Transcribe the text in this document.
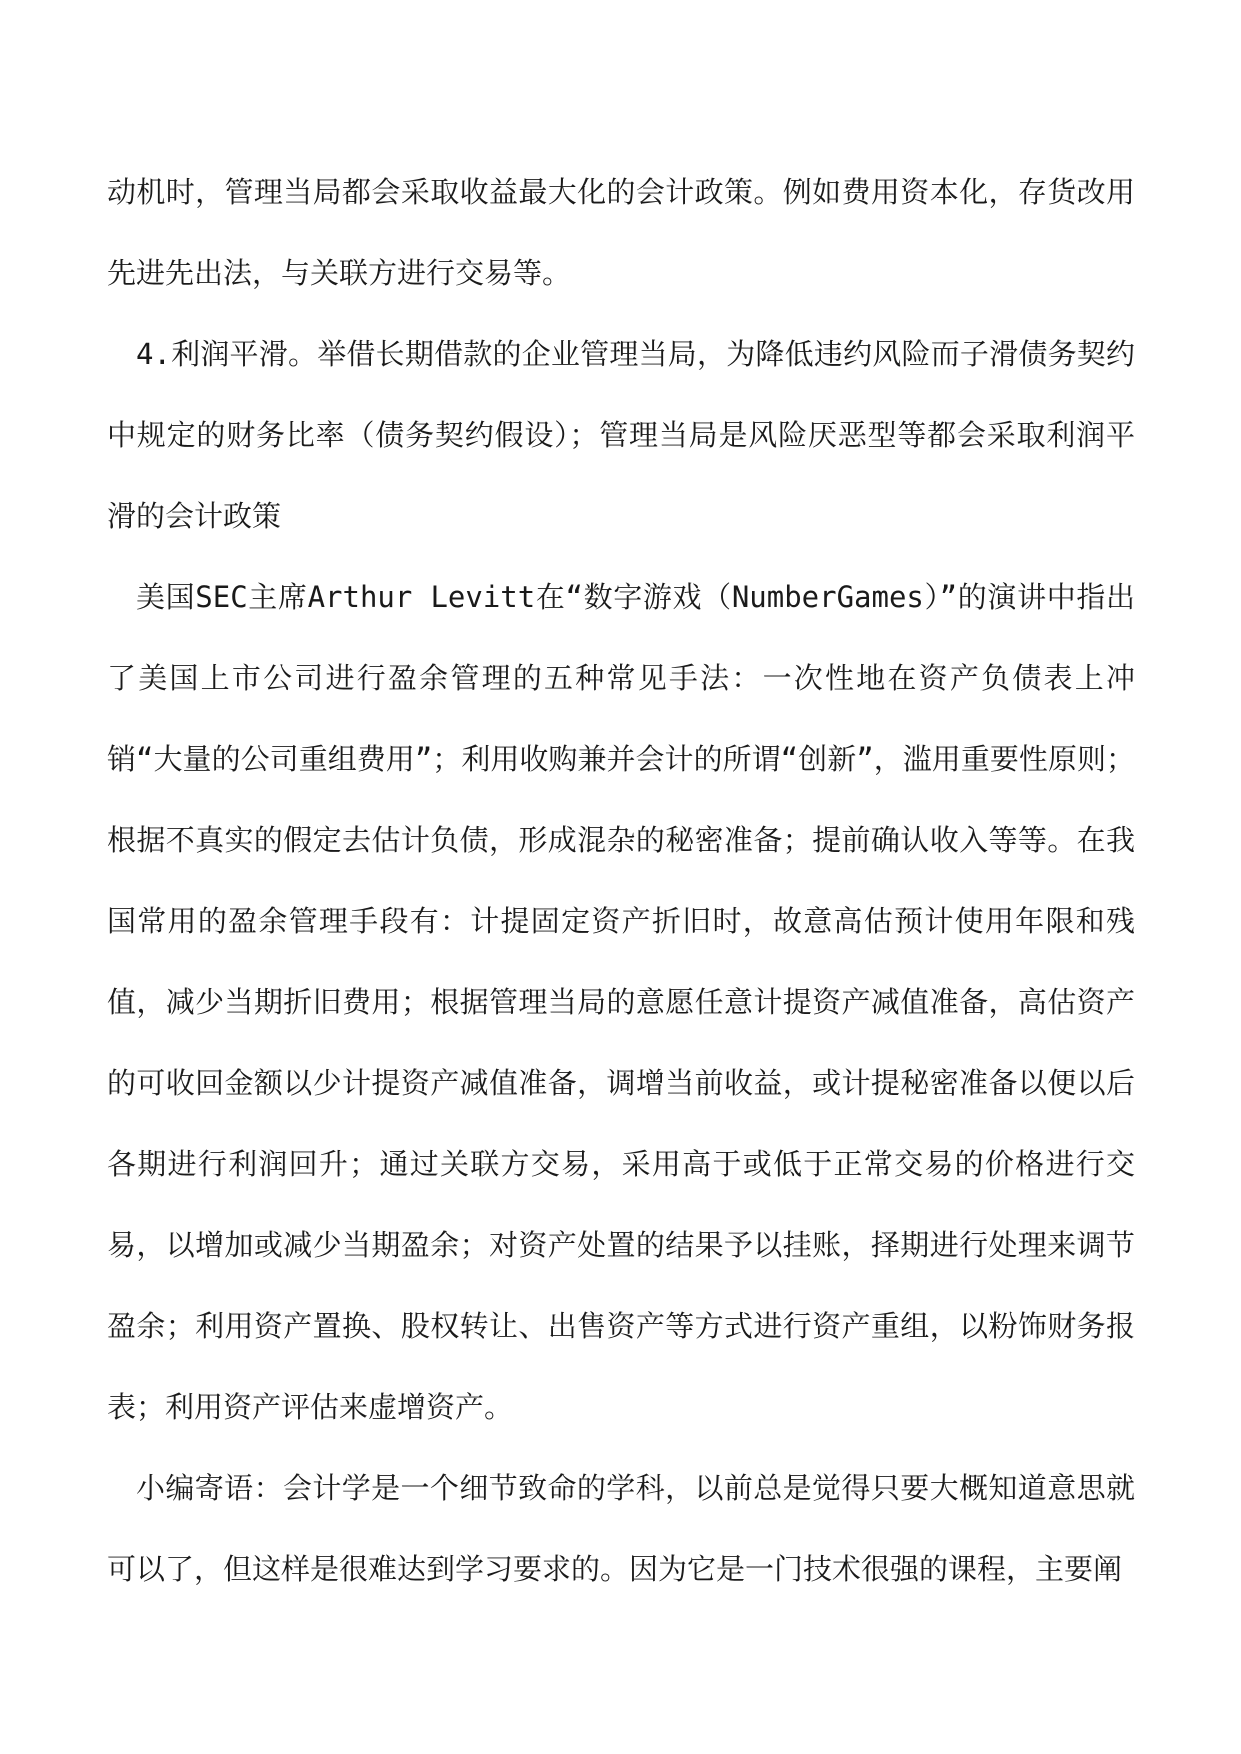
动机时，管理当局都会采取收益最大化的会计政策。例如费用资本化，存货改用先进先出法，与关联方进行交易等。

4.利润平滑。举借长期借款的企业管理当局，为降低违约风险而子滑债务契约中规定的财务比率（债务契约假设）；管理当局是风险厌恶型等都会采取利润平滑的会计政策

美国SEC主席Arthur Levitt在“数字游戏（NumberGames）”的演讲中指出了美国上市公司进行盈余管理的五种常见手法：一次性地在资产负债表上冲销“大量的公司重组费用”；利用收购兼并会计的所谓“创新”，滥用重要性原则；根据不真实的假定去估计负债，形成混杂的秘密准备；提前确认收入等等。在我国常用的盈余管理手段有：计提固定资产折旧时，故意高估预计使用年限和残值，减少当期折旧费用；根据管理当局的意愿任意计提资产减值准备，高估资产的可收回金额以少计提资产减值准备，调增当前收益，或计提秘密准备以便以后各期进行利润回升；通过关联方交易，采用高于或低于正常交易的价格进行交易，以增加或减少当期盈余；对资产处置的结果予以挂账，择期进行处理来调节盈余；利用资产置换、股权转让、出售资产等方式进行资产重组，以粉饰财务报表；利用资产评估来虚增资产。

小编寄语：会计学是一个细节致命的学科，以前总是觉得只要大概知道意思就可以了，但这样是很难达到学习要求的。因为它是一门技术很强的课程，主要阐
